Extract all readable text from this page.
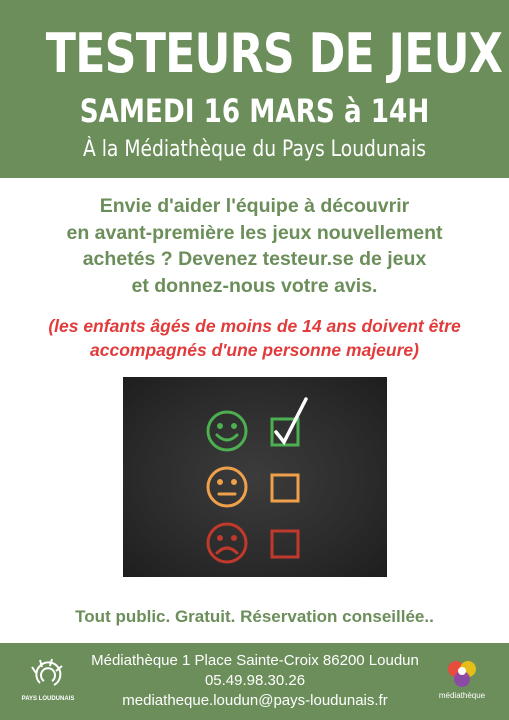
TESTEURS DE JEUX
SAMEDI 16 MARS à 14H
À la Médiathèque du Pays Loudunais
Envie d'aider l'équipe à découvrir
en avant-première les jeux nouvellement
achetés ? Devenez testeur.se de jeux
et donnez-nous votre avis.
(les enfants âgés de moins de 14 ans doivent être
accompagnés d'une personne majeure)
Tout public. Gratuit. Réservation conseillée..
PAYS LOUDUNAIS
Médiathèque 1 Place Sainte-Croix 86200 Loudun
05.49.98.30.26
mediatheque.loudun@pays-loudunais.fr	médiathèque
